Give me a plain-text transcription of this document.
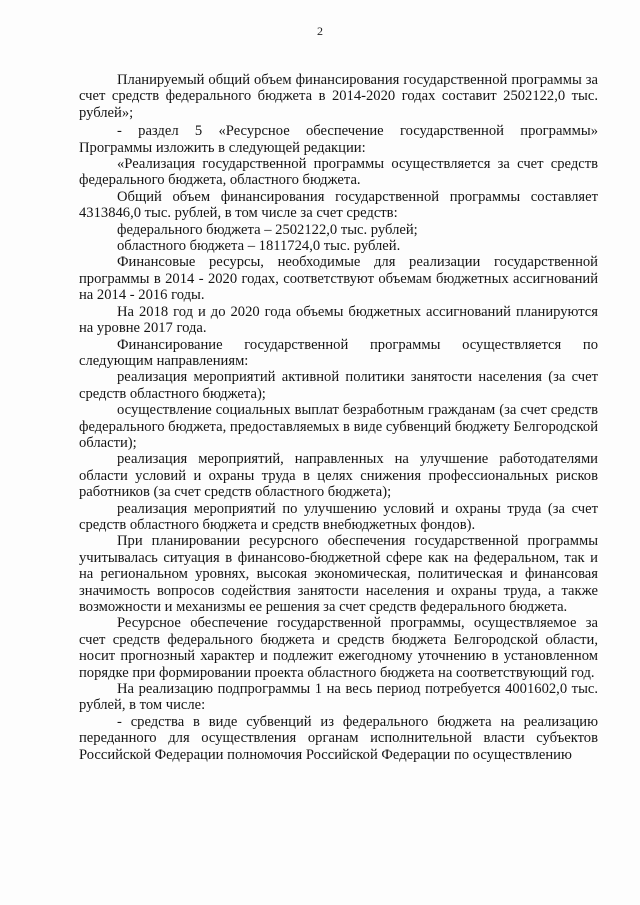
2

Планируемый общий объем финансирования государственной программы за счет средств федерального бюджета в 2014-2020 годах составит 2502122,0 тыс. рублей»;

- раздел 5 «Ресурсное обеспечение государственной программы» Программы изложить в следующей редакции:

«Реализация государственной программы осуществляется за счет средств федерального бюджета, областного бюджета.

Общий объем финансирования государственной программы составляет 4313846,0 тыс. рублей, в том числе за счет средств:

федерального бюджета – 2502122,0 тыс. рублей;

областного бюджета – 1811724,0 тыс. рублей.

Финансовые ресурсы, необходимые для реализации государственной программы в 2014 - 2020 годах, соответствуют объемам бюджетных ассигнований на 2014 - 2016 годы.

На 2018 год и до 2020 года объемы бюджетных ассигнований планируются на уровне 2017 года.

Финансирование государственной программы осуществляется по следующим направлениям:

реализация мероприятий активной политики занятости населения (за счет средств областного бюджета);

осуществление социальных выплат безработным гражданам (за счет средств федерального бюджета, предоставляемых в виде субвенций бюджету Белгородской области);

реализация мероприятий, направленных на улучшение работодателями области условий и охраны труда в целях снижения профессиональных рисков работников (за счет средств областного бюджета);

реализация мероприятий по улучшению условий и охраны труда (за счет средств областного бюджета и средств внебюджетных фондов).

При планировании ресурсного обеспечения государственной программы учитывалась ситуация в финансово-бюджетной сфере как на федеральном, так и на региональном уровнях, высокая экономическая, политическая и финансовая значимость вопросов содействия занятости населения и охраны труда, а также возможности и механизмы ее решения за счет средств федерального бюджета.

Ресурсное обеспечение государственной программы, осуществляемое за счет средств федерального бюджета и средств бюджета Белгородской области, носит прогнозный характер и подлежит ежегодному уточнению в установленном порядке при формировании проекта областного бюджета на соответствующий год.

На реализацию подпрограммы 1 на весь период потребуется 4001602,0 тыс. рублей, в том числе:

- средства в виде субвенций из федерального бюджета на реализацию переданного для осуществления органам исполнительной власти субъектов Российской Федерации полномочия Российской Федерации по осуществлению
